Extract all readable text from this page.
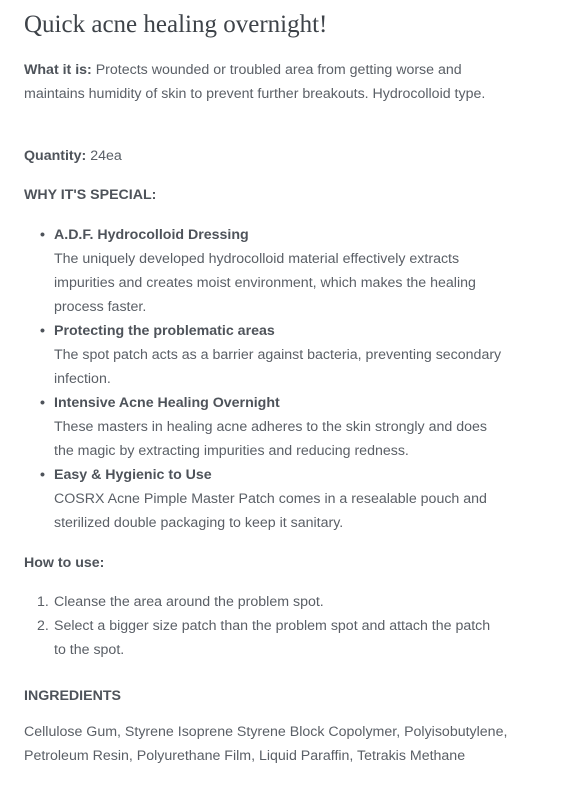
Quick acne healing overnight!

What it is: Protects wounded or troubled area from getting worse and maintains humidity of skin to prevent further breakouts. Hydrocolloid type.

Quantity: 24ea

WHY IT'S SPECIAL:
• A.D.F. Hydrocolloid Dressing
The uniquely developed hydrocolloid material effectively extracts impurities and creates moist environment, which makes the healing process faster.
• Protecting the problematic areas
The spot patch acts as a barrier against bacteria, preventing secondary infection.
• Intensive Acne Healing Overnight
These masters in healing acne adheres to the skin strongly and does the magic by extracting impurities and reducing redness.
• Easy & Hygienic to Use
COSRX Acne Pimple Master Patch comes in a resealable pouch and sterilized double packaging to keep it sanitary.
How to use:
1. Cleanse the area around the problem spot.
2. Select a bigger size patch than the problem spot and attach the patch to the spot.
INGREDIENTS

Cellulose Gum, Styrene Isoprene Styrene Block Copolymer, Polyisobutylene, Petroleum Resin, Polyurethane Film, Liquid Paraffin, Tetrakis Methane
